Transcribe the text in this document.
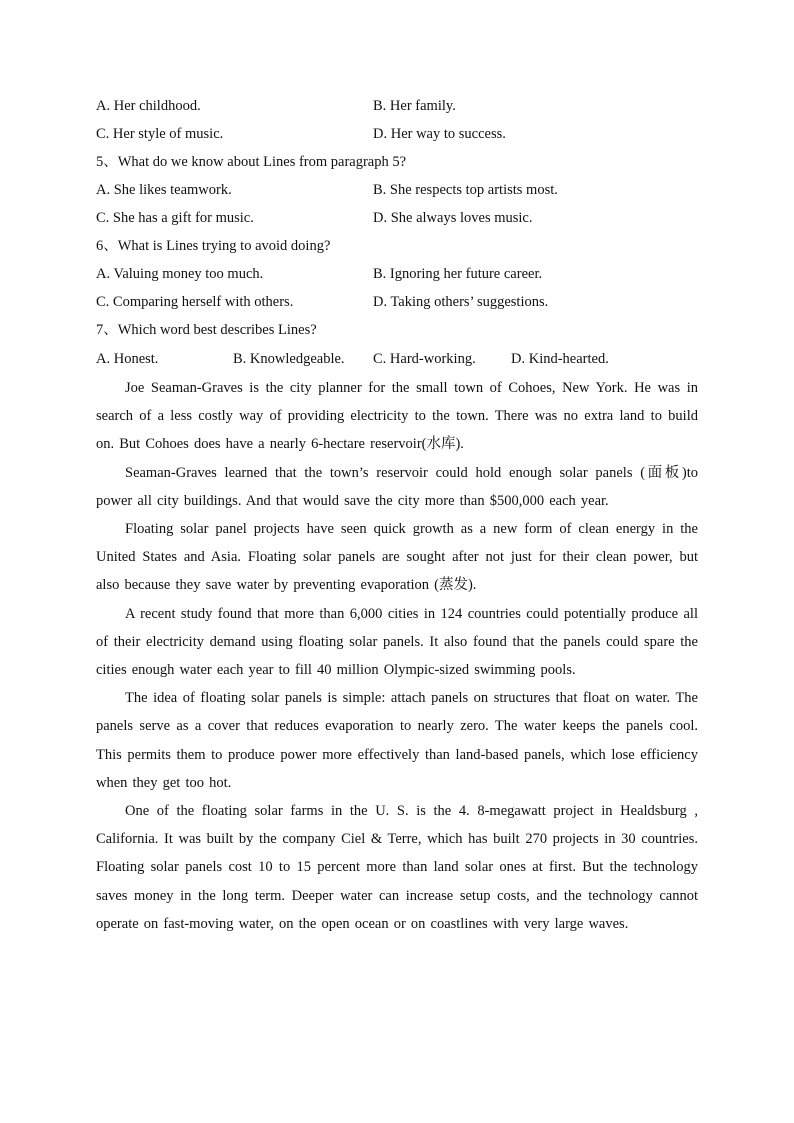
A. Her childhood.	B. Her family.
C. Her style of music.	D. Her way to success.
5、What do we know about Lines from paragraph 5?
A. She likes teamwork.	B. She respects top artists most.
C. She has a gift for music.	D. She always loves music.
6、What is Lines trying to avoid doing?
A. Valuing money too much.	B. Ignoring her future career.
C. Comparing herself with others.	D. Taking others’ suggestions.
7、Which word best describes Lines?
A. Honest.	B. Knowledgeable.	C. Hard-working.	D. Kind-hearted.

Joe Seaman-Graves is the city planner for the small town of Cohoes, New York. He was in search of a less costly way of providing electricity to the town. There was no extra land to build on. But Cohoes does have a nearly 6-hectare reservoir(水库).

Seaman-Graves learned that the town’s reservoir could hold enough solar panels (面板)to power all city buildings. And that would save the city more than $500,000 each year.

Floating solar panel projects have seen quick growth as a new form of clean energy in the United States and Asia. Floating solar panels are sought after not just for their clean power, but also because they save water by preventing evaporation (蒸发).

A recent study found that more than 6,000 cities in 124 countries could potentially produce all of their electricity demand using floating solar panels. It also found that the panels could spare the cities enough water each year to fill 40 million Olympic-sized swimming pools.

The idea of floating solar panels is simple: attach panels on structures that float on water. The panels serve as a cover that reduces evaporation to nearly zero. The water keeps the panels cool. This permits them to produce power more effectively than land-based panels, which lose efficiency when they get too hot.

One of the floating solar farms in the U. S. is the 4. 8-megawatt project in Healdsburg , California. It was built by the company Ciel & Terre, which has built 270 projects in 30 countries. Floating solar panels cost 10 to 15 percent more than land solar ones at first. But the technology saves money in the long term. Deeper water can increase setup costs, and the technology cannot operate on fast-moving water, on the open ocean or on coastlines with very large waves.
